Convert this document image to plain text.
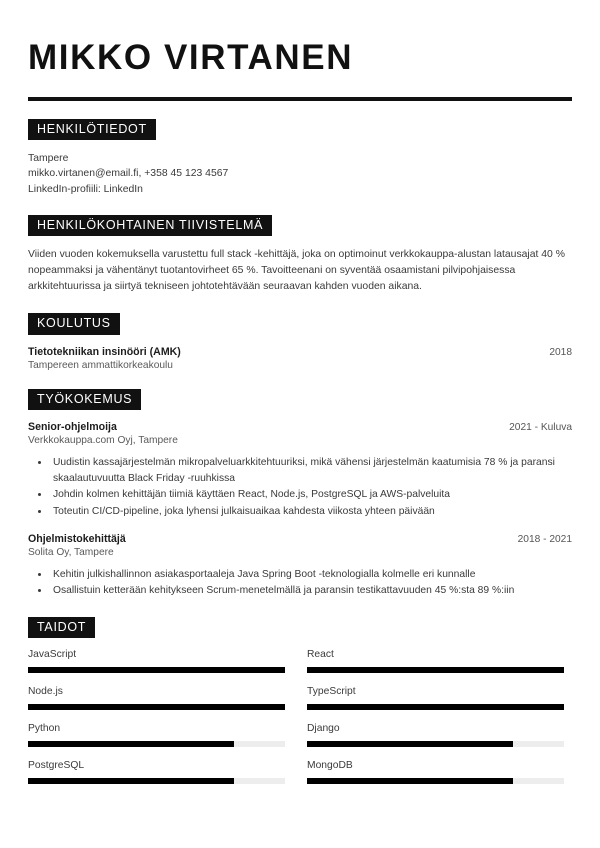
MIKKO VIRTANEN
HENKILÖTIEDOT
Tampere
mikko.virtanen@email.fi, +358 45 123 4567
LinkedIn-profiili: LinkedIn
HENKILÖKOHTAINEN TIIVISTELMÄ

Viiden vuoden kokemuksella varustettu full stack -kehittäjä, joka on optimoinut verkkokauppa-alustan latausajat 40 % nopeammaksi ja vähentänyt tuotantovirheet 65 %. Tavoitteenani on syventää osaamistani pilvipohjaisessa arkkitehtuurissa ja siirtyä tekniseen johtotehtävään seuraavan kahden vuoden aikana.

KOULUTUS
Tietotekniikan insinööri (AMK)	2018
Tampereen ammattikorkeakoulu
TYÖKOKEMUS
Senior-ohjelmoija	2021 - Kuluva
Verkkokauppa.com Oyj, Tampere
• Uudistin kassajärjestelmän mikropalveluarkkitehtuuriksi, mikä vähensi järjestelmän kaatumisia 78 % ja paransi skaalautuvuutta Black Friday -ruuhkissa
• Johdin kolmen kehittäjän tiimiä käyttäen React, Node.js, PostgreSQL ja AWS-palveluita
• Toteutin CI/CD-pipeline, joka lyhensi julkaisuaikaa kahdesta viikosta yhteen päivään
Ohjelmistokehittäjä	2018 - 2021
Solita Oy, Tampere
• Kehitin julkishallinnon asiakasportaaleja Java Spring Boot -teknologialla kolmelle eri kunnalle
• Osallistuin ketterään kehitykseen Scrum-menetelmällä ja paransin testikattavuuden 45 %:sta 89 %:iin
TAIDOT
JavaScript	React
Node.js	TypeScript
Python	Django
PostgreSQL	MongoDB
